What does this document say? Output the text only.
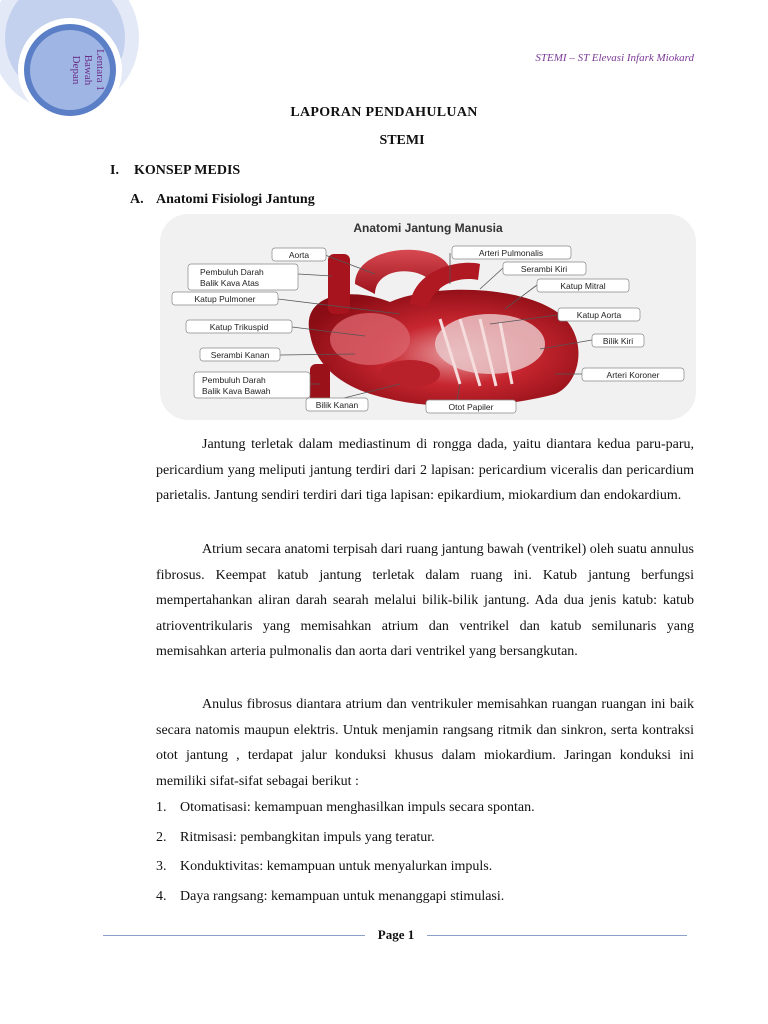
Lentara 1
Bawah
Depan	STEMI – ST Elevasi Infark Miokard
LAPORAN PENDAHULUAN
STEMI
I. KONSEP MEDIS
A. Anatomi Fisiologi Jantung
Anatomi Jantung Manusia
Aorta	Arteri Pulmonalis
Pembuluh Darah
Balik Kava Atas
Serambi Kiri
Katup Mitral
Katup Pulmoner
Katup Aorta
Katup Trikuspid
Bilik Kiri
Serambi Kanan
Arteri Koroner
Pembuluh Darah
Balik Kava Bawah
Bilik Kanan	Otot Papiler

Jantung terletak dalam mediastinum di rongga dada, yaitu diantara kedua paru-paru, pericardium yang meliputi jantung terdiri dari 2 lapisan: pericardium viceralis dan pericardium parietalis. Jantung sendiri terdiri dari tiga lapisan: epikardium, miokardium dan endokardium.

Atrium secara anatomi terpisah dari ruang jantung bawah (ventrikel) oleh suatu annulus fibrosus. Keempat katub jantung terletak dalam ruang ini. Katub jantung berfungsi mempertahankan aliran darah searah melalui bilik-bilik jantung. Ada dua jenis katub: katub atrioventrikularis yang memisahkan atrium dan ventrikel dan katub semilunaris yang memisahkan arteria pulmonalis dan aorta dari ventrikel yang bersangkutan.

Anulus fibrosus diantara atrium dan ventrikuler memisahkan ruangan ruangan ini baik secara natomis maupun elektris. Untuk menjamin rangsang ritmik dan sinkron, serta kontraksi otot jantung , terdapat jalur konduksi khusus dalam miokardium. Jaringan konduksi ini memiliki sifat-sifat sebagai berikut :

1. Otomatisasi: kemampuan menghasilkan impuls secara spontan.
2. Ritmisasi: pembangkitan impuls yang teratur.
3. Konduktivitas: kemampuan untuk menyalurkan impuls.
4. Daya rangsang: kemampuan untuk menanggapi stimulasi.
Page 1
